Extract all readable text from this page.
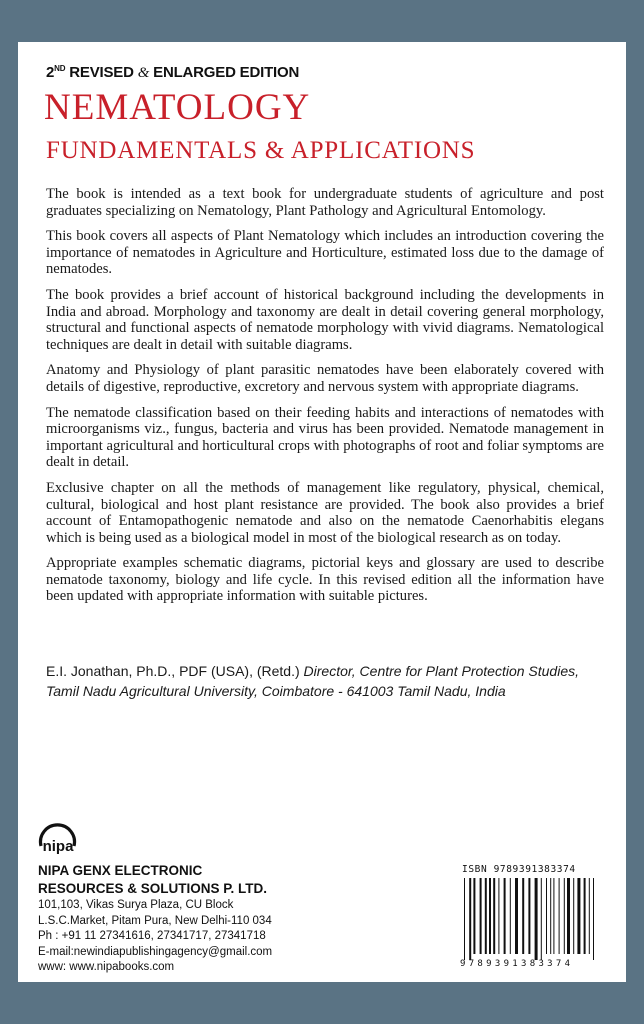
2ND REVISED & ENLARGED EDITION
NEMATOLOGY
FUNDAMENTALS & APPLICATIONS

The book is intended as a text book for undergraduate students of agriculture and post graduates specializing on Nematology, Plant Pathology and Agricultural Entomology.

This book covers all aspects of Plant Nematology which includes an introduction covering the importance of nematodes in Agriculture and Horticulture, estimated loss due to the damage of nematodes.

The book provides a brief account of historical background including the developments in India and abroad. Morphology and taxonomy are dealt in detail covering general morphology, structural and functional aspects of nematode morphology with vivid diagrams. Nematological techniques are dealt in detail with suitable diagrams.

Anatomy and Physiology of plant parasitic nematodes have been elaborately covered with details of digestive, reproductive, excretory and nervous system with appropriate diagrams.

The nematode classification based on their feeding habits and interactions of nematodes with microorganisms viz., fungus, bacteria and virus has been provided. Nematode management in important agricultural and horticultural crops with photographs of root and foliar symptoms are dealt in detail.

Exclusive chapter on all the methods of management like regulatory, physical, chemical, cultural, biological and host plant resistance are provided. The book also provides a brief account of Entamopathogenic nematode and also on the nematode Caenorhabitis elegans which is being used as a biological model in most of the biological research as on today.

Appropriate examples schematic diagrams, pictorial keys and glossary are used to describe nematode taxonomy, biology and life cycle. In this revised edition all the information have been updated with appropriate information with suitable pictures.

E.I. Jonathan, Ph.D., PDF (USA), (Retd.) Director, Centre for Plant Protection Studies, Tamil Nadu Agricultural University, Coimbatore - 641003 Tamil Nadu, India
nipa
NIPA GENX ELECTRONIC
RESOURCES & SOLUTIONS P. LTD.
101,103, Vikas Surya Plaza, CU Block
L.S.C.Market, Pitam Pura, New Delhi-110 034
Ph : +91 11 27341616, 27341717, 27341718
E-mail:newindiapublishingagency@gmail.com
www: www.nipabooks.com
ISBN 9789391383374
9789391383374
